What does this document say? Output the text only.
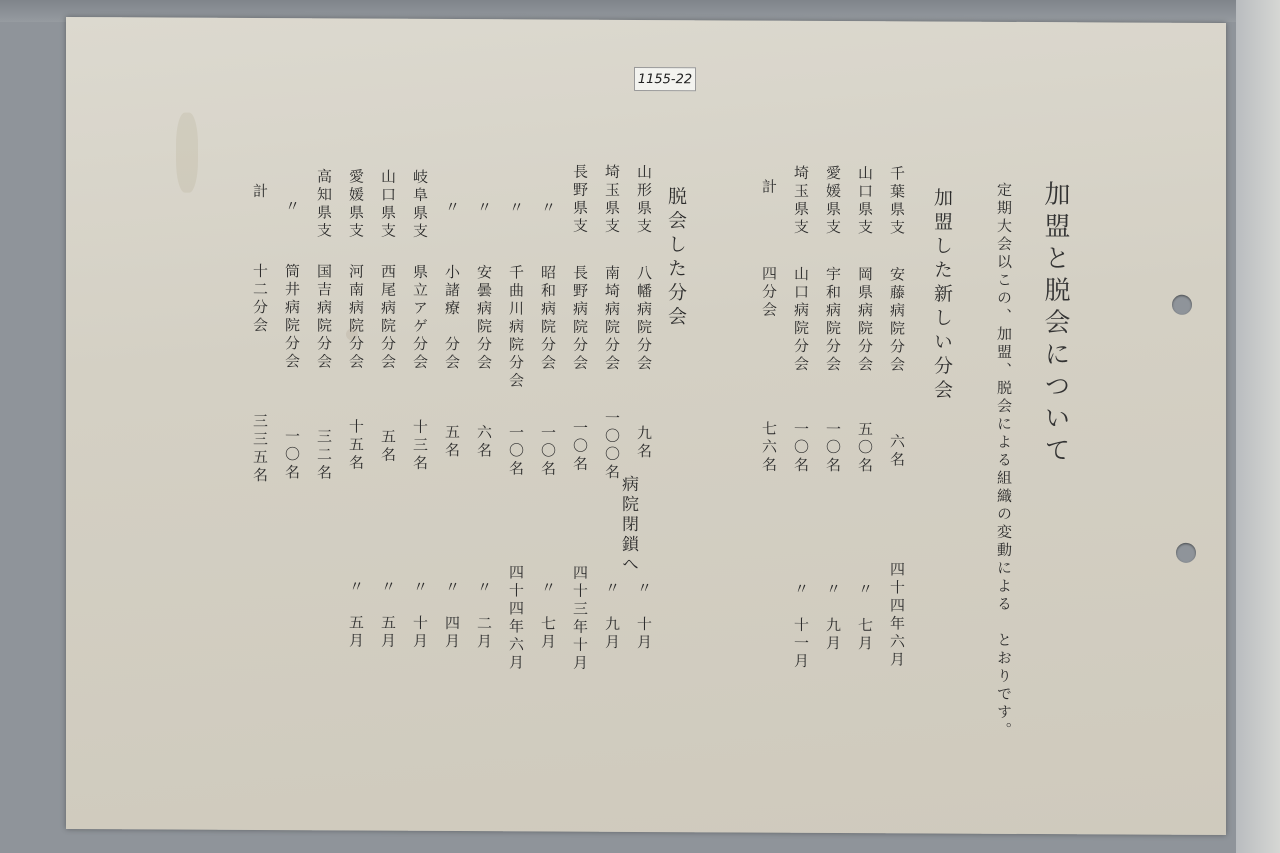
1155-22
加盟と脱会について
定期大会以この、加盟、脱会による組織の変動による　とおりです。
加盟した新しい分会
千葉県支
安藤病院分会
六名
四十四年六月
山口県支
岡県病院分会
五〇名
〃　七月
愛媛県支
宇和病院分会
一〇名
〃　九月
埼玉県支
山口病院分会
一〇名
〃　十一月
計
四分会
七六名
脱会した分会
山形県支
八幡病院分会
九名
〃　十月
埼玉県支
南埼病院分会
一〇〇名
〃　九月
病院閉鎖へ
長野県支
長野病院分会
一〇名
四十三年十月
〃
昭和病院分会
一〇名
〃　七月
〃
千曲川病院分会
一〇名
四十四年六月
〃
安曇病院分会
六名
〃　二月
〃
小諸療　分会
五名
〃　四月
岐阜県支
県立アゲ分会
十三名
〃　十月
山口県支
西尾病院分会
五名
〃　五月
愛媛県支
河南病院分会
十五名
〃　五月
高知県支
国吉病院分会
三二名
〃
筒井病院分会
一〇名
計
十二分会
三三五名
